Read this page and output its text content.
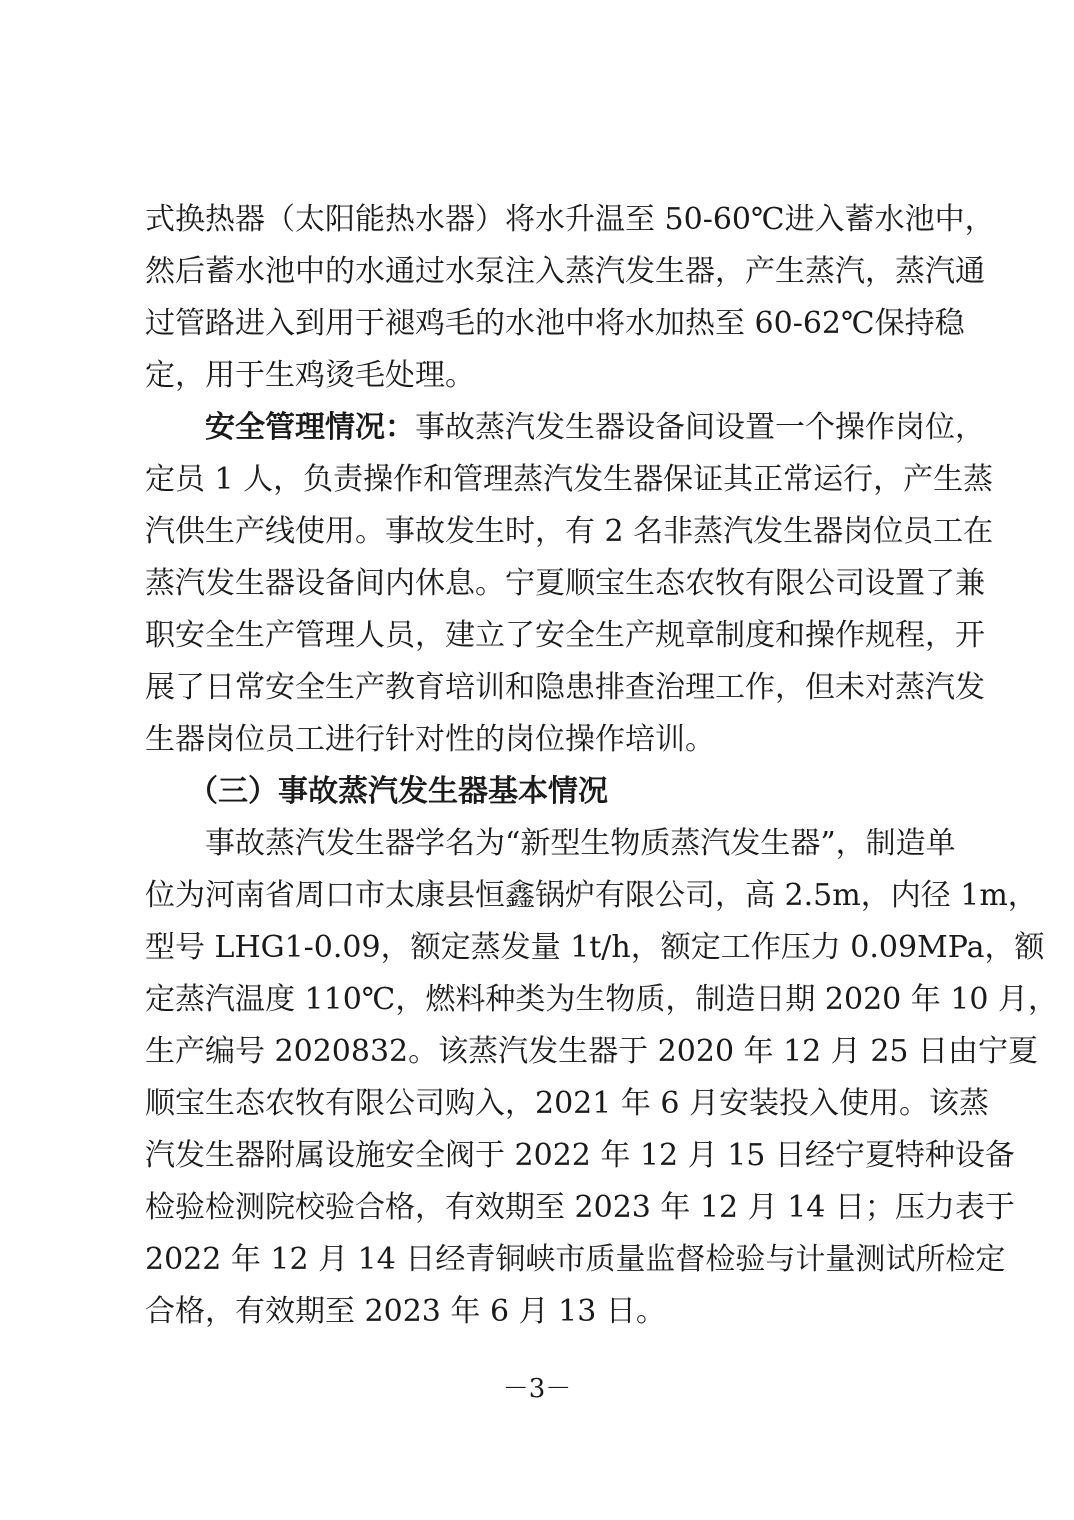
式换热器（太阳能热水器）将水升温至 50-60℃进入蓄水池中，
然后蓄水池中的水通过水泵注入蒸汽发生器，产生蒸汽，蒸汽通
过管路进入到用于褪鸡毛的水池中将水加热至 60-62℃保持稳
定，用于生鸡烫毛处理。
安全管理情况：事故蒸汽发生器设备间设置一个操作岗位，
定员 1 人，负责操作和管理蒸汽发生器保证其正常运行，产生蒸
汽供生产线使用。事故发生时，有 2 名非蒸汽发生器岗位员工在
蒸汽发生器设备间内休息。宁夏顺宝生态农牧有限公司设置了兼
职安全生产管理人员，建立了安全生产规章制度和操作规程，开
展了日常安全生产教育培训和隐患排查治理工作，但未对蒸汽发
生器岗位员工进行针对性的岗位操作培训。
（三）事故蒸汽发生器基本情况
事故蒸汽发生器学名为“新型生物质蒸汽发生器”，制造单
位为河南省周口市太康县恒鑫锅炉有限公司，高 2.5m，内径 1m，
型号 LHG1-0.09，额定蒸发量 1t/h，额定工作压力 0.09MPa，额
定蒸汽温度 110℃，燃料种类为生物质，制造日期 2020 年 10 月，
生产编号 2020832。该蒸汽发生器于 2020 年 12 月 25 日由宁夏
顺宝生态农牧有限公司购入，2021 年 6 月安装投入使用。该蒸
汽发生器附属设施安全阀于 2022 年 12 月 15 日经宁夏特种设备
检验检测院校验合格，有效期至 2023 年 12 月 14 日；压力表于
2022 年 12 月 14 日经青铜峡市质量监督检验与计量测试所检定
合格，有效期至 2023 年 6 月 13 日。
－3－
